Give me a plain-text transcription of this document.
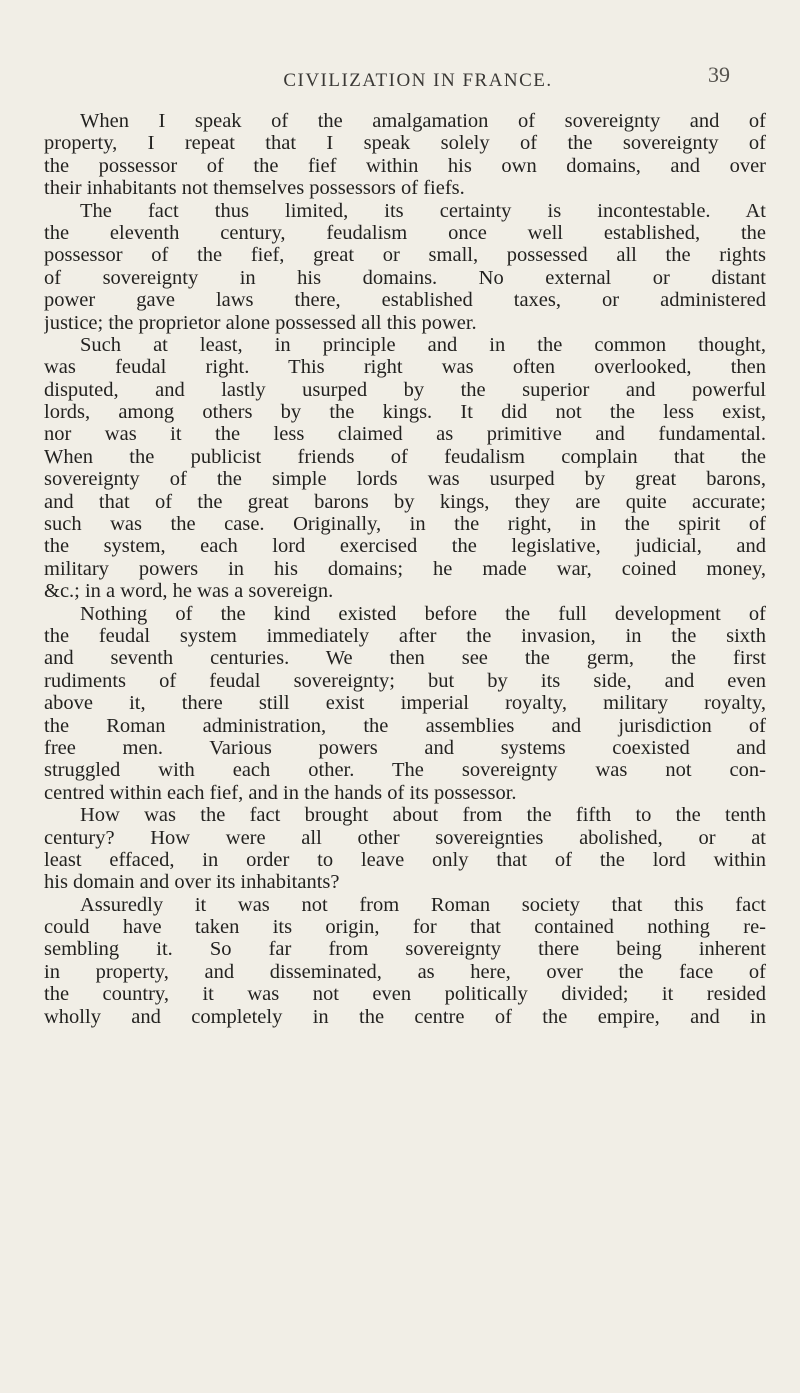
CIVILIZATION IN FRANCE.	39
When I speak of the amalgamation of sovereignty and of
property, I repeat that I speak solely of the sovereignty of
the possessor of the fief within his own domains, and over
their inhabitants not themselves possessors of fiefs.
The fact thus limited, its certainty is incontestable. At
the eleventh century, feudalism once well established, the
possessor of the fief, great or small, possessed all the rights
of sovereignty in his domains. No external or distant
power gave laws there, established taxes, or administered
justice; the proprietor alone possessed all this power.
Such at least, in principle and in the common thought,
was feudal right. This right was often overlooked, then
disputed, and lastly usurped by the superior and powerful
lords, among others by the kings. It did not the less exist,
nor was it the less claimed as primitive and fundamental.
When the publicist friends of feudalism complain that the
sovereignty of the simple lords was usurped by great barons,
and that of the great barons by kings, they are quite accurate;
such was the case. Originally, in the right, in the spirit of
the system, each lord exercised the legislative, judicial, and
military powers in his domains; he made war, coined money,
&c.; in a word, he was a sovereign.
Nothing of the kind existed before the full development of
the feudal system immediately after the invasion, in the sixth
and seventh centuries. We then see the germ, the first
rudiments of feudal sovereignty; but by its side, and even
above it, there still exist imperial royalty, military royalty,
the Roman administration, the assemblies and jurisdiction of
free men. Various powers and systems coexisted and
struggled with each other. The sovereignty was not con-
centred within each fief, and in the hands of its possessor.
How was the fact brought about from the fifth to the tenth
century? How were all other sovereignties abolished, or at
least effaced, in order to leave only that of the lord within
his domain and over its inhabitants?
Assuredly it was not from Roman society that this fact
could have taken its origin, for that contained nothing re-
sembling it. So far from sovereignty there being inherent
in property, and disseminated, as here, over the face of
the country, it was not even politically divided; it resided
wholly and completely in the centre of the empire, and in
